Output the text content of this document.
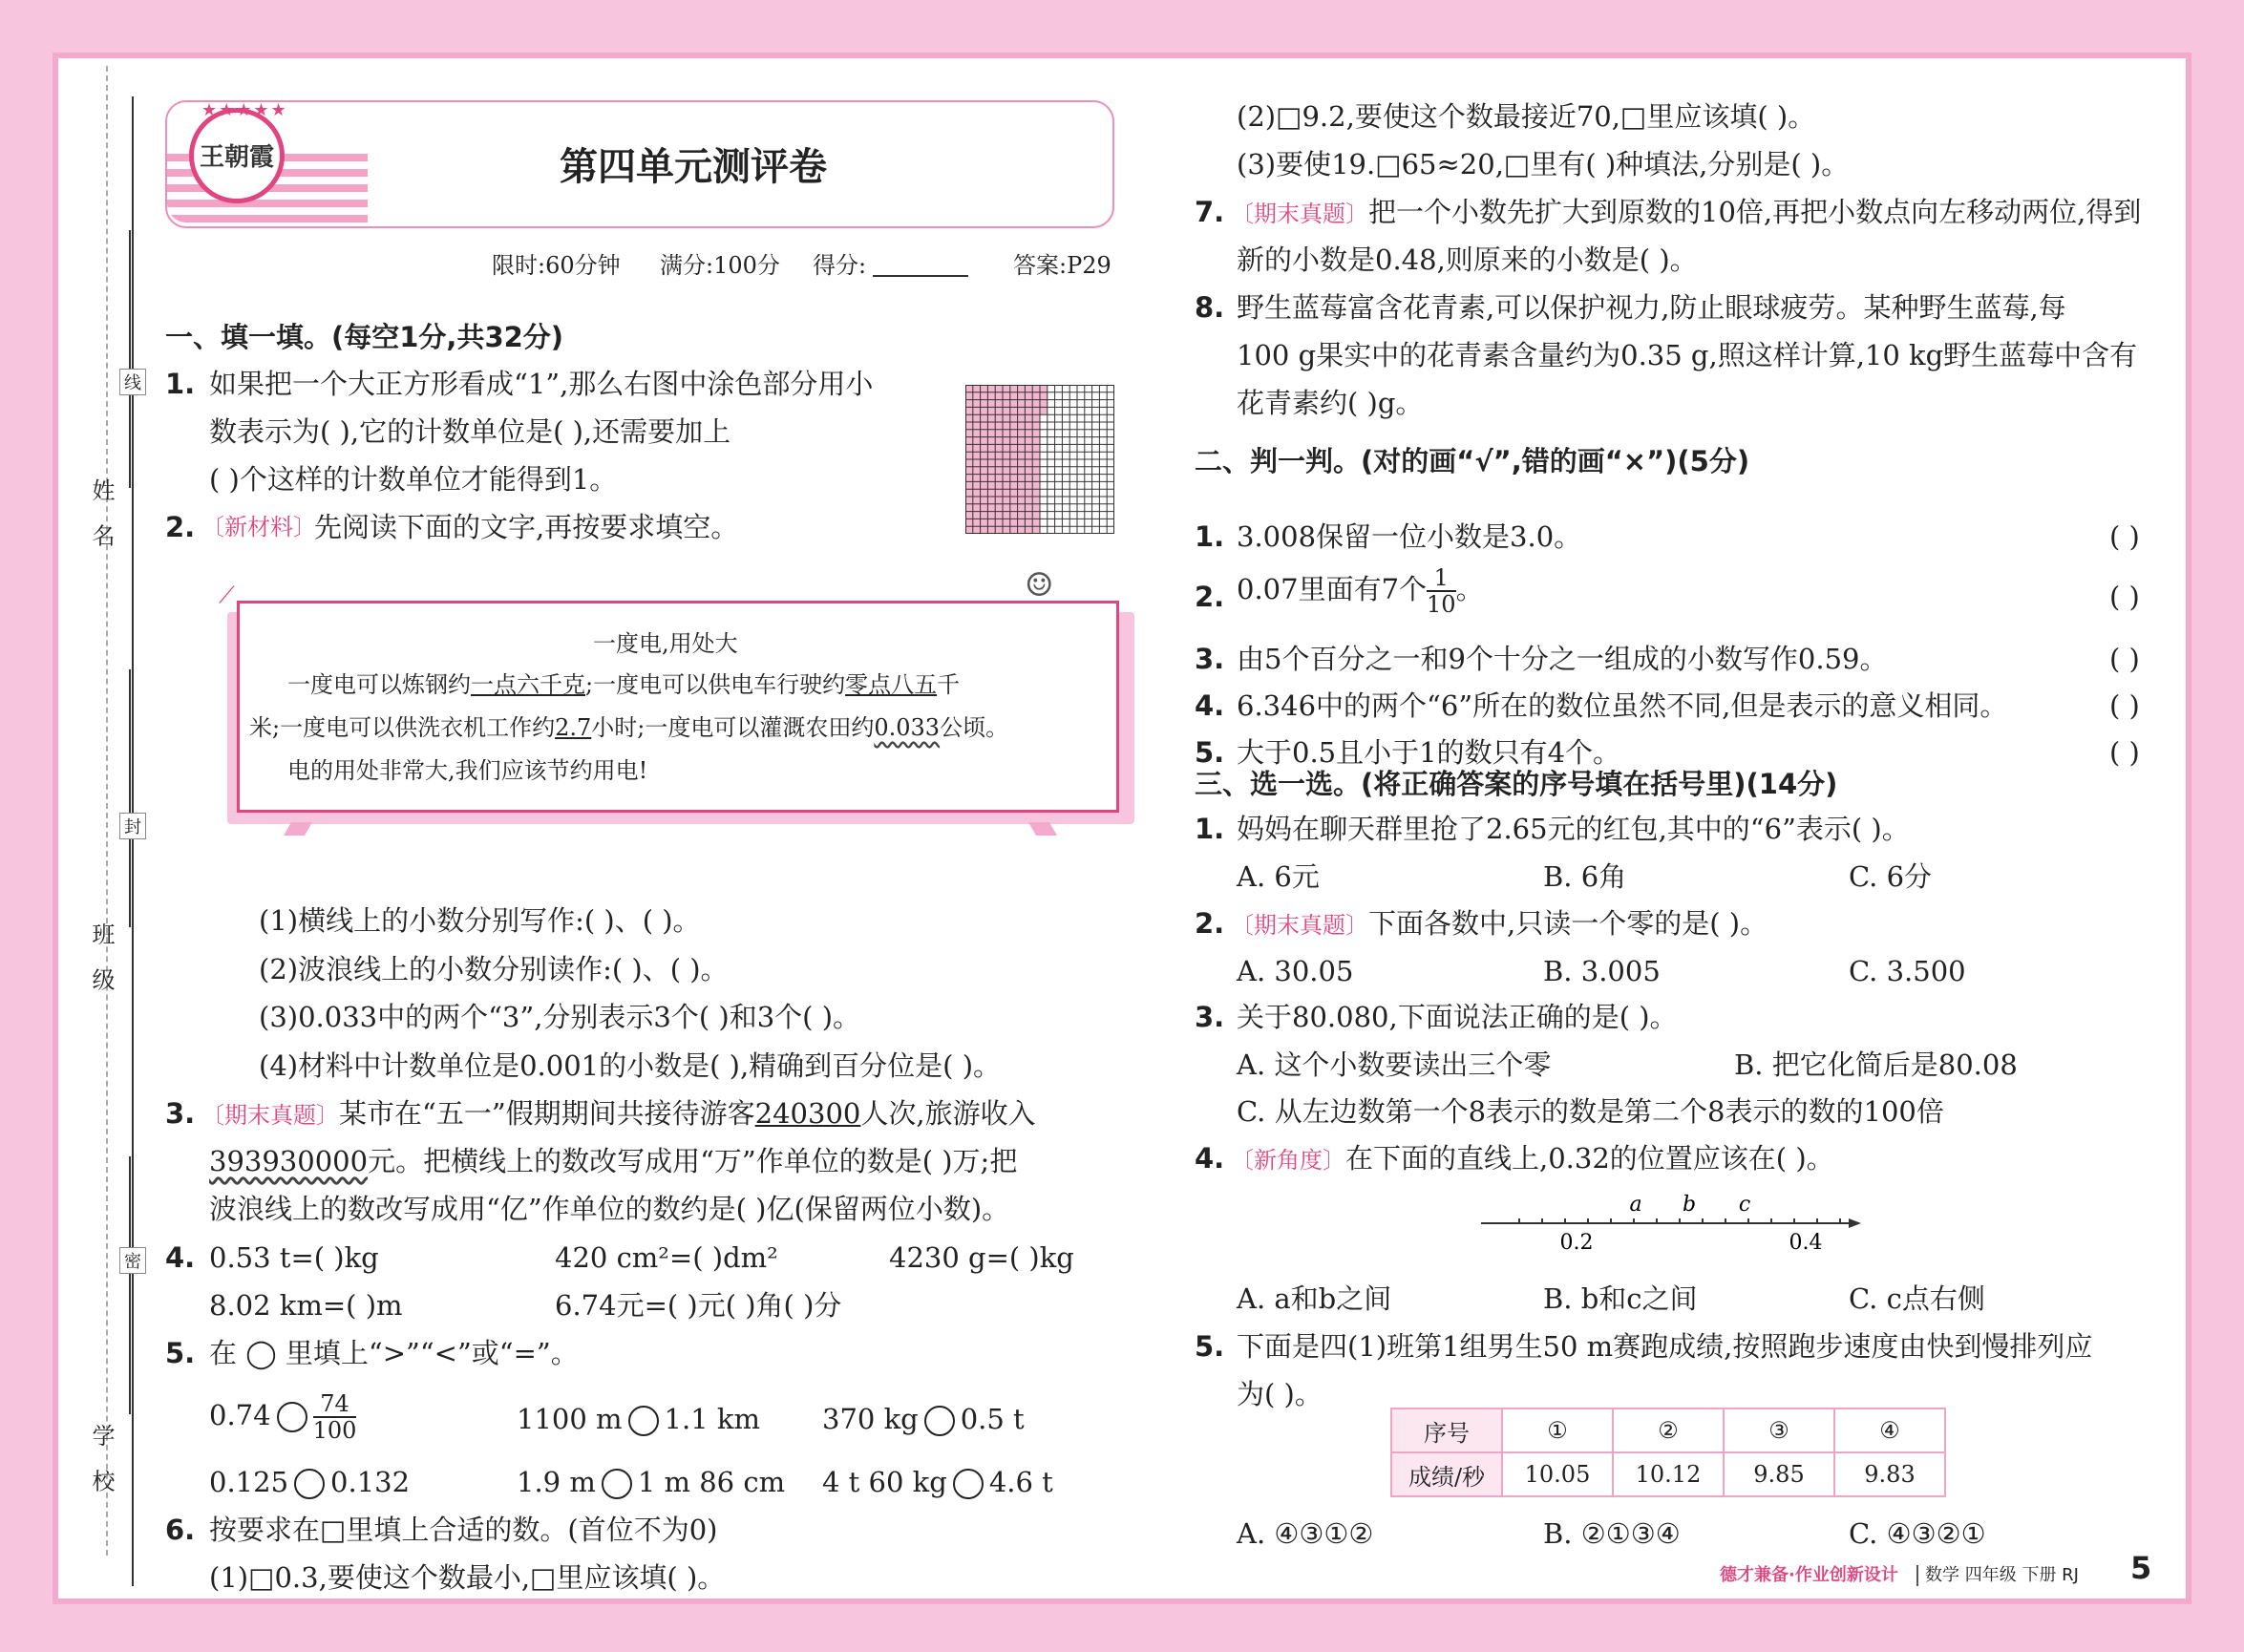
姓 名
班 级
学 校
线
封
密
王朝霞
★★★★★
第四单元测评卷
限时:60分钟 满分:100分 得分:	答案:P29
一、填一填。(每空1分,共32分)
1. 如果把一个大正方形看成“1”,那么右图中涂色部分用小
数表示为( ),它的计数单位是( ),还需要加上
( )个这样的计数单位才能得到1。
2. 〔新材料〕
先阅读下面的文字,再按要求填空。
⟋	☺
一度电,用处大
一度电可以炼钢约一点六千克;一度电可以供电车行驶约零点八五千
米;一度电可以供洗衣机工作约2.7小时;一度电可以灌溉农田约0.033公顷。
电的用处非常大,我们应该节约用电!
(1)横线上的小数分别写作:( )、( )。
(2)波浪线上的小数分别读作:( )、( )。
(3)0.033中的两个“3”,分别表示3个( )和3个( )。
(4)材料中计数单位是0.001的小数是( ),精确到百分位是( )。
3. 〔期末真题〕某市在“五一”假期期间共接待游客240300人次,旅游收入
393930000元。把横线上的数改写成用“万”作单位的数是( )万;把
波浪线上的数改写成用“亿”作单位的数约是( )亿(保留两位小数)。
4. 0.53 t=( )kg	420 cm²=( )dm²	4230 g=( )kg
8.02 km=( )m	6.74元=( )元( )角( )分
5. 在 ◯ 里填上“>”“<”或“=”。
$0.74 \frac{74}{100}$	1100 m 1.1 km 370 kg 0.5 t
0.125 0.132	1.9 m 1 m 86 cm 4 t 60 kg 4.6 t
6. 按要求在□里填上合适的数。(首位不为0)
(1)□0.3,要使这个数最小,□里应该填( )。
(2)□9.2,要使这个数最接近70,□里应该填( )。
(3)要使19.□65≈20,□里有( )种填法,分别是( )。
7. 〔期末真题〕把一个小数先扩大到原数的10倍,再把小数点向左移动两位,得到
新的小数是0.48,则原来的小数是( )。
8. 野生蓝莓富含花青素,可以保护视力,防止眼球疲劳。某种野生蓝莓,每
100 g果实中的花青素含量约为0.35 g,照这样计算,10 kg野生蓝莓中含有
花青素约( )g。
二、判一判。(对的画“√”,错的画“×”)(5分)
1. 3.008保留一位小数是3.0。	( )
2. 0.07里面有7个 $\frac{1}{10}$ 。	( )
3. 由5个百分之一和9个十分之一组成的小数写作0.59。	( )
4. 6.346中的两个“6”所在的数位虽然不同,但是表示的意义相同。	( )
5. 大于0.5且小于1的数只有4个。	( )
三、选一选。(将正确答案的序号填在括号里)(14分)
1. 妈妈在聊天群里抢了2.65元的红包,其中的“6”表示( )。
A. 6元	B. 6角	C. 6分
2. 〔期末真题〕下面各数中,只读一个零的是( )。
A. 30.05	B. 3.005	C. 3.500
3. 关于80.080,下面说法正确的是( )。
A. 这个小数要读出三个零	B. 把它化简后是80.08
C. 从左边数第一个8表示的数是第二个8表示的数的100倍
4. 〔新角度〕在下面的直线上,0.32的位置应该在( )。
a b c
0.2	0.4
A. a和b之间	B. b和c之间	C. c点右侧
5. 下面是四(1)班第1组男生50 m赛跑成绩,按照跑步速度由快到慢排列应
为( )。
序号	①	②	③	④
成绩/秒	10.05	10.12	9.85	9.83
A. ④③①②	B. ②①③④	C. ④③②①
德才兼备·作业创新设计 数学 四年级 下册 RJ 5
